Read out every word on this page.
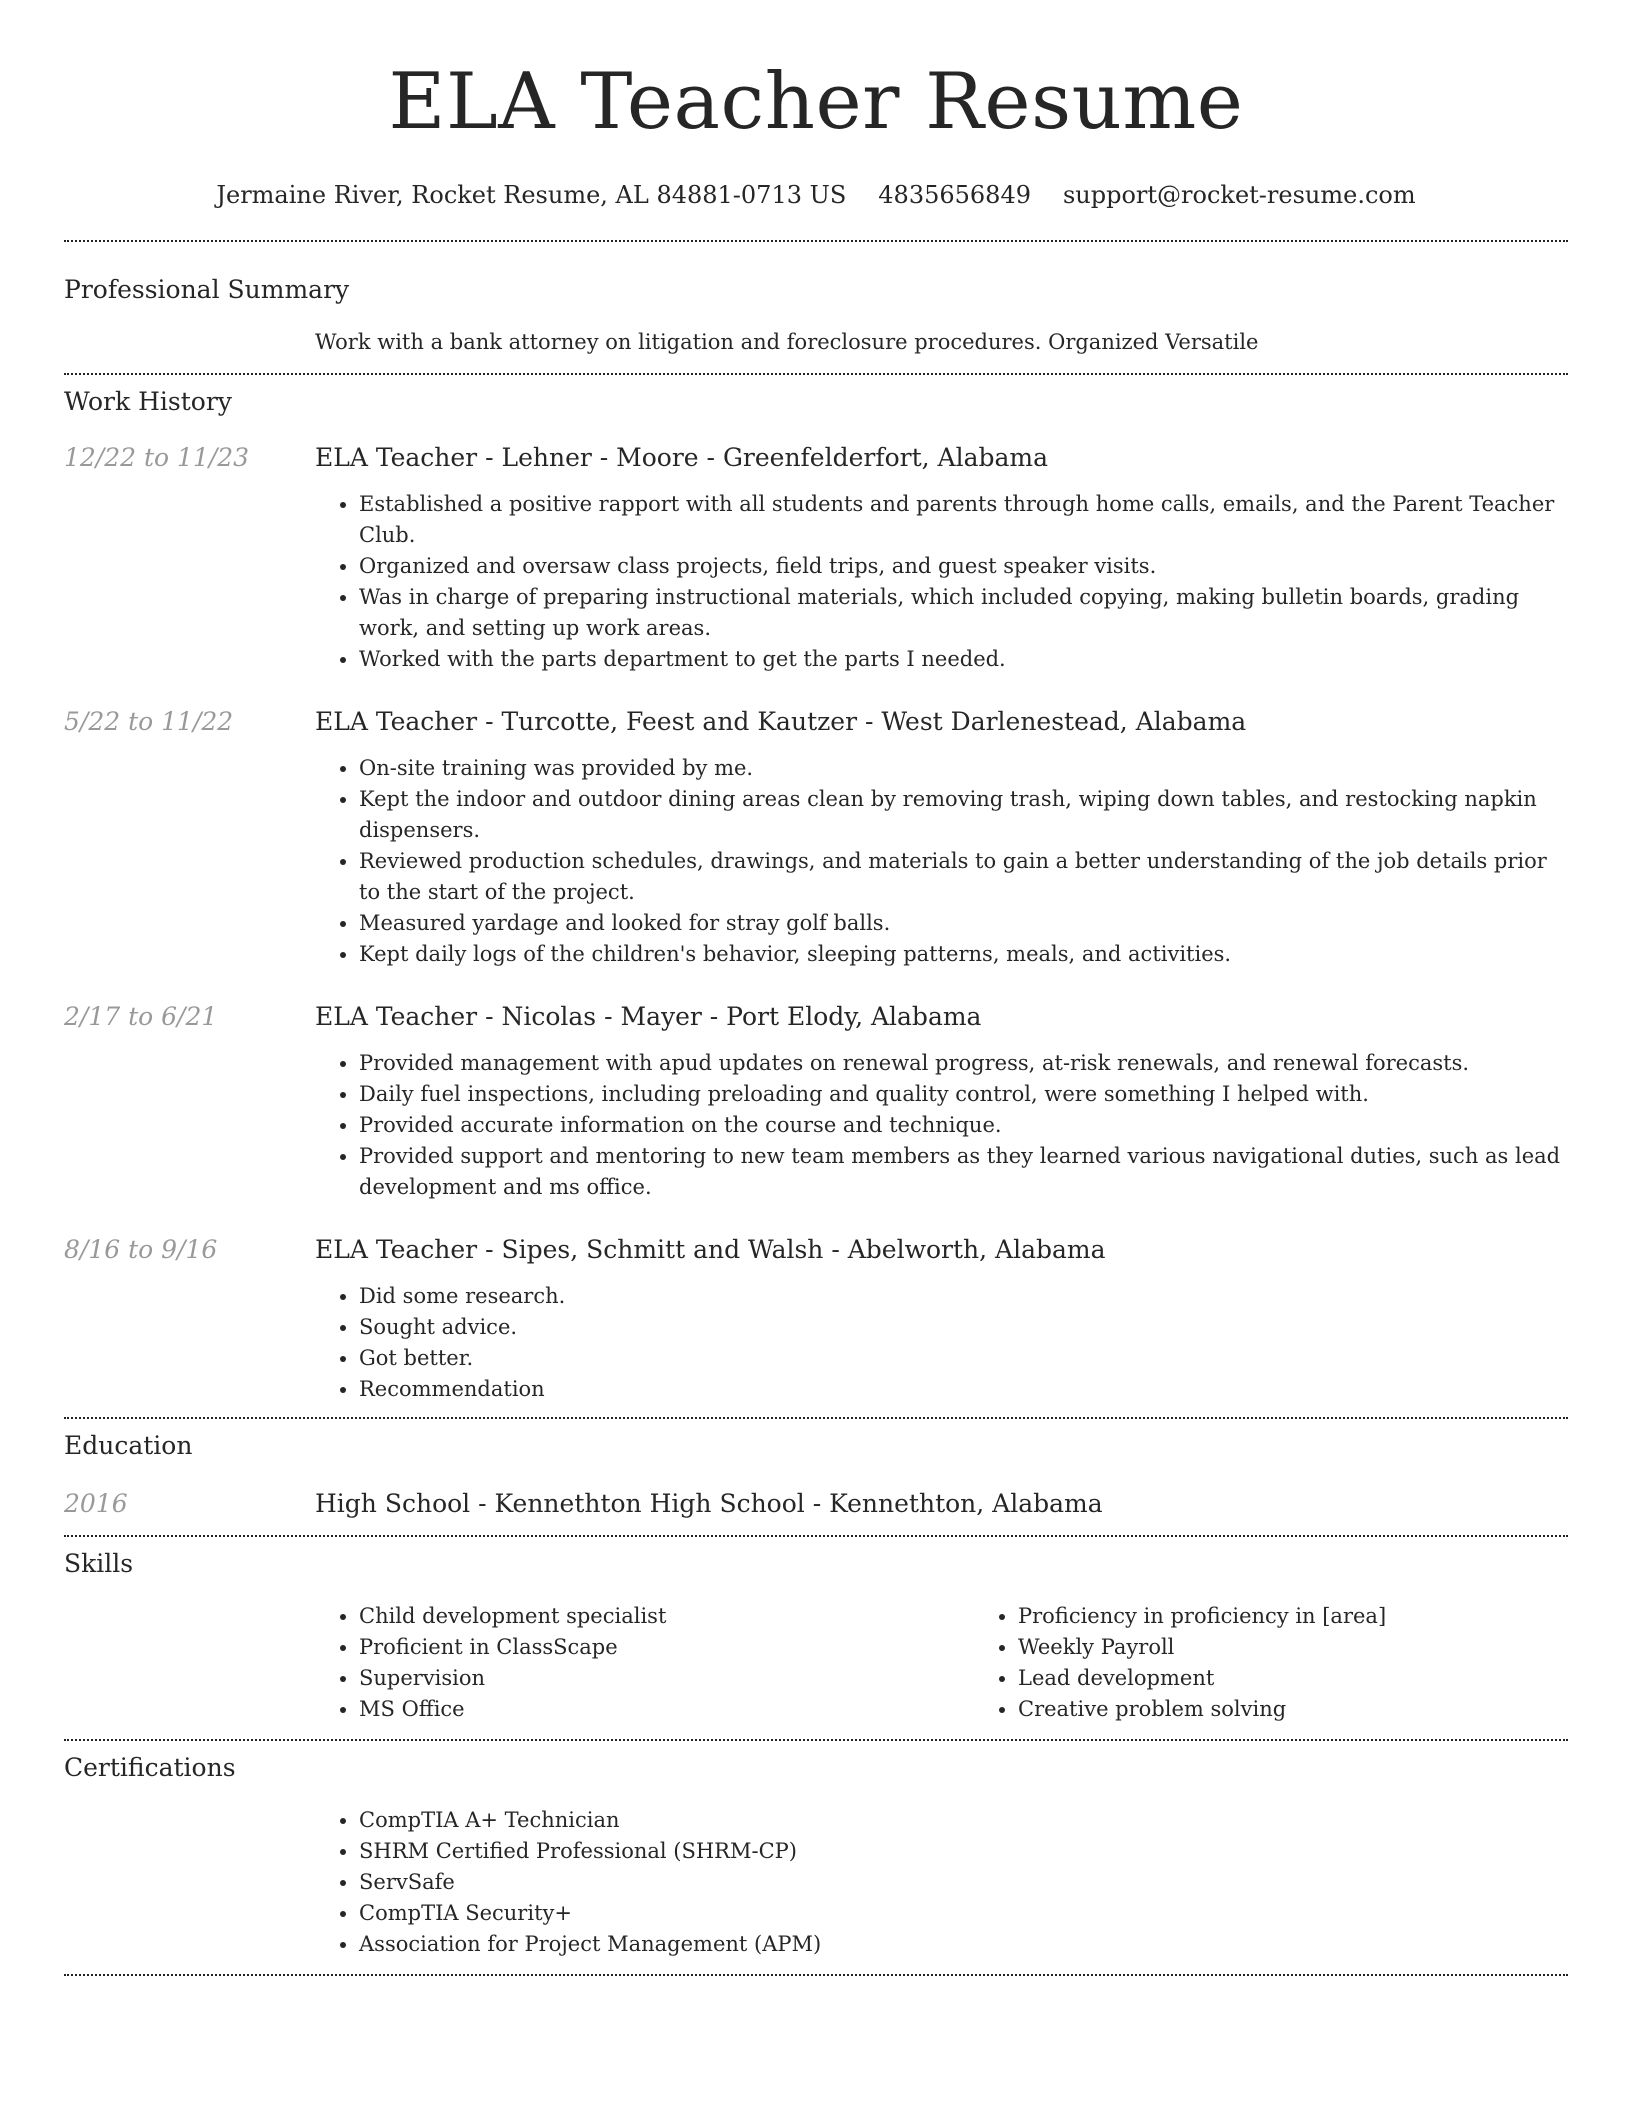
ELA Teacher Resume
Jermaine River, Rocket Resume, AL 84881-0713 US 4835656849 support@rocket-resume.com
Professional Summary
Work with a bank attorney on litigation and foreclosure procedures. Organized Versatile
Work History
12/22 to 11/23	ELA Teacher - Lehner - Moore - Greenfelderfort, Alabama
• Established a positive rapport with all students and parents through home calls, emails, and the Parent Teacher Club.
• Organized and oversaw class projects, field trips, and guest speaker visits.
• Was in charge of preparing instructional materials, which included copying, making bulletin boards, grading work, and setting up work areas.
• Worked with the parts department to get the parts I needed.
5/22 to 11/22	ELA Teacher - Turcotte, Feest and Kautzer - West Darlenestead, Alabama
• On-site training was provided by me.
• Kept the indoor and outdoor dining areas clean by removing trash, wiping down tables, and restocking napkin dispensers.
• Reviewed production schedules, drawings, and materials to gain a better understanding of the job details prior to the start of the project.
• Measured yardage and looked for stray golf balls.
• Kept daily logs of the children's behavior, sleeping patterns, meals, and activities.
2/17 to 6/21	ELA Teacher - Nicolas - Mayer - Port Elody, Alabama
• Provided management with apud updates on renewal progress, at-risk renewals, and renewal forecasts.
• Daily fuel inspections, including preloading and quality control, were something I helped with.
• Provided accurate information on the course and technique.
• Provided support and mentoring to new team members as they learned various navigational duties, such as lead development and ms office.
8/16 to 9/16	ELA Teacher - Sipes, Schmitt and Walsh - Abelworth, Alabama
• Did some research.
• Sought advice.
• Got better.
• Recommendation
Education
2016	High School - Kennethton High School - Kennethton, Alabama
Skills
• Child development specialist
• Proficient in ClassScape
• Supervision
• MS Office
• Proficiency in proficiency in [area]
• Weekly Payroll
• Lead development
• Creative problem solving
Certifications
• CompTIA A+ Technician
• SHRM Certified Professional (SHRM-CP)
• ServSafe
• CompTIA Security+
• Association for Project Management (APM)
